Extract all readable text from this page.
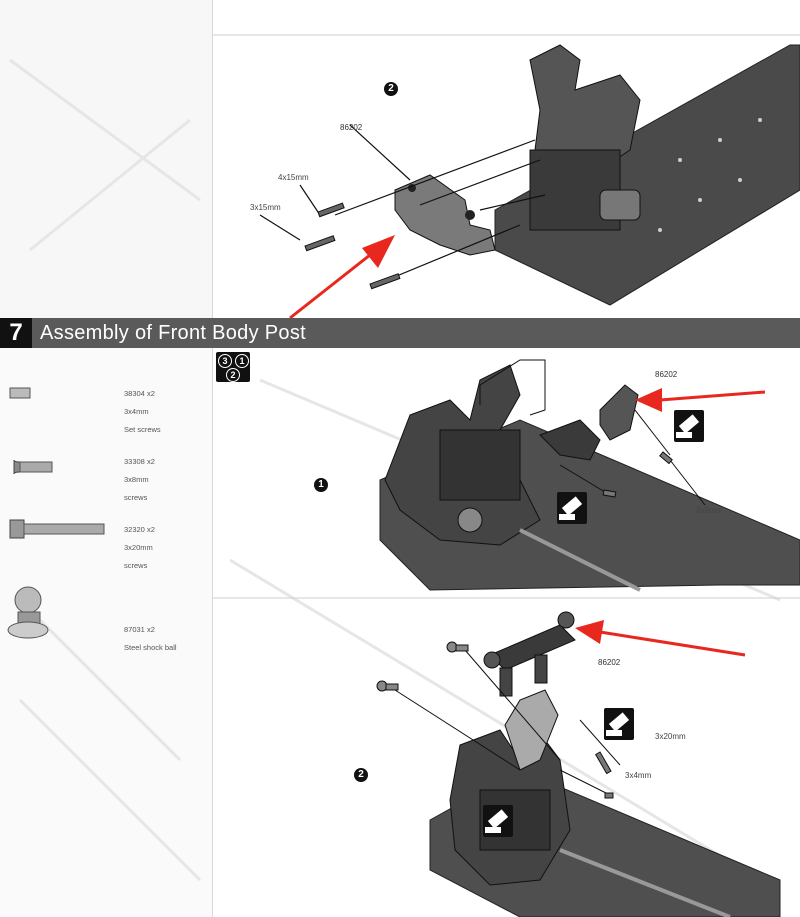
7 Assembly of Front Body Post
3	1
2
2
86202
4x15mm
3x15mm

38304 x2

3x4mm

Set screws

33308 x2

3x8mm

screws

32320 x2

3x20mm

screws

87031 x2

Steel shock ball

1
86202
3x8mm
2
86202
3x20mm
3x4mm
